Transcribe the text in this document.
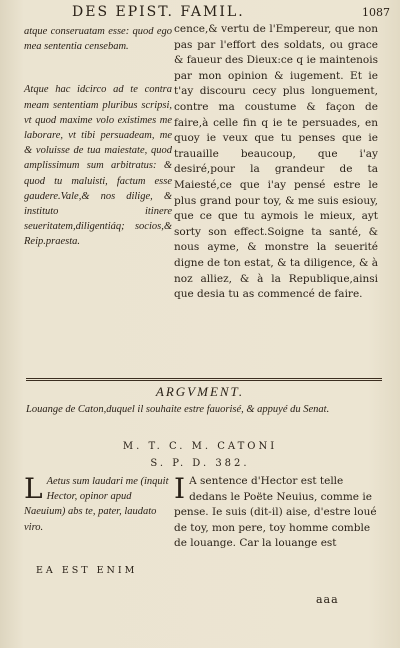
DES EPIST. FAMIL.	1087

atque conseruatam esse: quod ego mea sententia censebam.

Atque hac idcirco ad te contra meam sententiam pluribus scripsi, vt quod maxime volo existimes me laborare, vt tibi persuadeam, me & voluisse de tua maiestate, quod amplissimum sum arbitratus: & quod tu maluisti, factum esse gaudere.Vale,& nos dilige, & instituto itinere seueritatem,diligentiáq; socios,& Reip.praesta.

cence,& vertu de l'Empereur, que non pas par l'effort des soldats, ou grace & faueur des Dieux:ce q ie maintenois par mon opinion & iugement. Et ie t'ay discouru cecy plus longuement, contre ma coustume & façon de faire,à celle fin q ie te persuades, en quoy ie veux que tu penses que ie trauaille beaucoup, que i'ay desiré,pour la grandeur de ta Maiesté,ce que i'ay pensé estre le plus grand pour toy, & me suis esiouy, que ce que tu aymois le mieux, ayt sorty son effect.Soigne ta santé, & nous ayme, & monstre la seuerité digne de ton estat, & ta diligence, & à noz alliez, & à la Republique,ainsi que desia tu as commencé de faire.

ARGVMENT.
Louange de Caton,duquel il souhaite estre fauorisé, & appuyé du Senat.
M. T. C. M. CATONI
S. P. D. 382.
L Aetus sum laudari me (inquit Hector, opinor apud Naeuium) abs te, pater, laudato viro.
EA EST ENIM
I A sentence d'Hector est telle dedans le Poëte Neuius, comme ie pense. Ie suis (dit-il) aise, d'estre loué de toy, mon pere, toy homme comble de louange. Car la louange est
aaa
